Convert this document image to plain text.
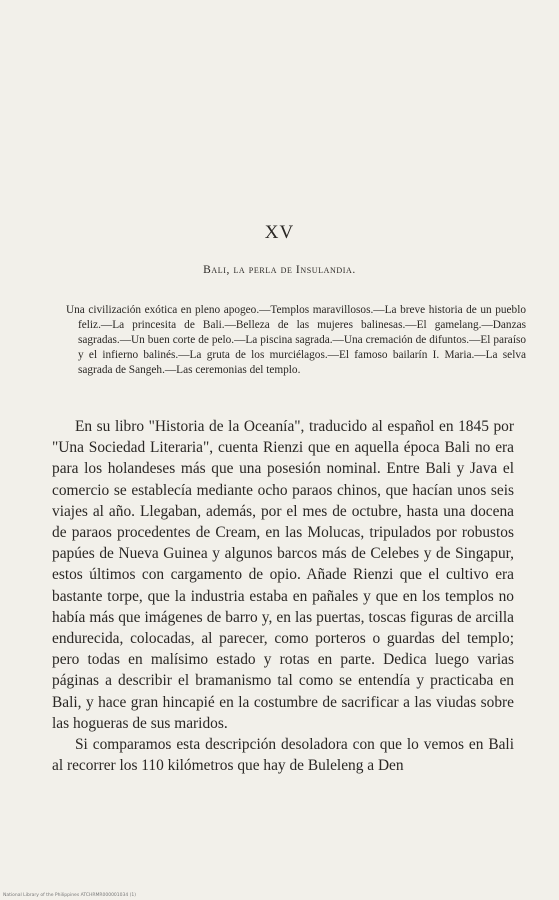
XV
Bali, la perla de Insulandia.

Una civilización exótica en pleno apogeo.—Templos maravillosos.—La breve historia de un pueblo feliz.—La princesita de Bali.—Belleza de las mujeres balinesas.—El gamelang.—Danzas sagradas.—Un buen corte de pelo.—La piscina sagrada.—Una cremación de difuntos.—El paraíso y el infierno balinés.—La gruta de los murciélagos.—El famoso bailarín I. Maria.—La selva sagrada de Sangeh.—Las ceremonias del templo.

En su libro "Historia de la Oceanía", traducido al español en 1845 por "Una Sociedad Literaria", cuenta Rienzi que en aquella época Bali no era para los holandeses más que una posesión nominal. Entre Bali y Java el comercio se establecía mediante ocho paraos chinos, que hacían unos seis viajes al año. Llegaban, además, por el mes de octubre, hasta una docena de paraos procedentes de Cream, en las Molucas, tripulados por robustos papúes de Nueva Guinea y algunos barcos más de Celebes y de Singapur, estos últimos con cargamento de opio. Añade Rienzi que el cultivo era bastante torpe, que la industria estaba en pañales y que en los templos no había más que imágenes de barro y, en las puertas, toscas figuras de arcilla endurecida, colocadas, al parecer, como porteros o guardas del templo; pero todas en malísimo estado y rotas en parte. Dedica luego varias páginas a describir el bramanismo tal como se entendía y practicaba en Bali, y hace gran hincapié en la costumbre de sacrificar a las viudas sobre las hogueras de sus maridos.

Si comparamos esta descripción desoladora con que lo vemos en Bali al recorrer los 110 kilómetros que hay de Buleleng a Den

National Library of the Philippines ATCHRMR000001034 (1)
